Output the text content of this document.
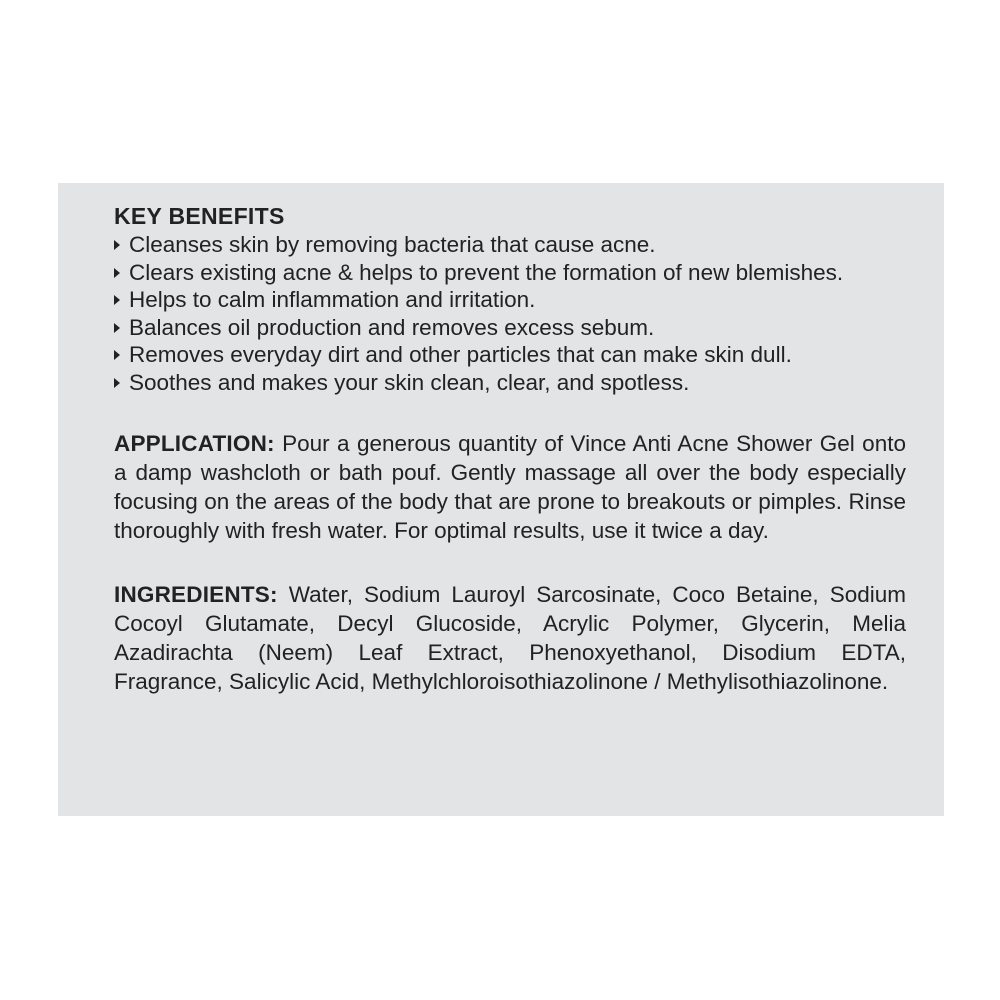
KEY BENEFITS
Cleanses skin by removing bacteria that cause acne.
Clears existing acne & helps to prevent the formation of new blemishes.
Helps to calm inflammation and irritation.
Balances oil production and removes excess sebum.
Removes everyday dirt and other particles that can make skin dull.
Soothes and makes your skin clean, clear, and spotless.

APPLICATION: Pour a generous quantity of Vince Anti Acne Shower Gel onto a damp washcloth or bath pouf. Gently massage all over the body especially focusing on the areas of the body that are prone to breakouts or pimples. Rinse thoroughly with fresh water. For optimal results, use it twice a day.

INGREDIENTS: Water, Sodium Lauroyl Sarcosinate, Coco Betaine, Sodium Cocoyl Glutamate, Decyl Glucoside, Acrylic Polymer, Glycerin, Melia Azadirachta (Neem) Leaf Extract, Phenoxyethanol, Disodium EDTA, Fragrance, Salicylic Acid, Methylchloroisothiazolinone / Methylisothiazolinone.
